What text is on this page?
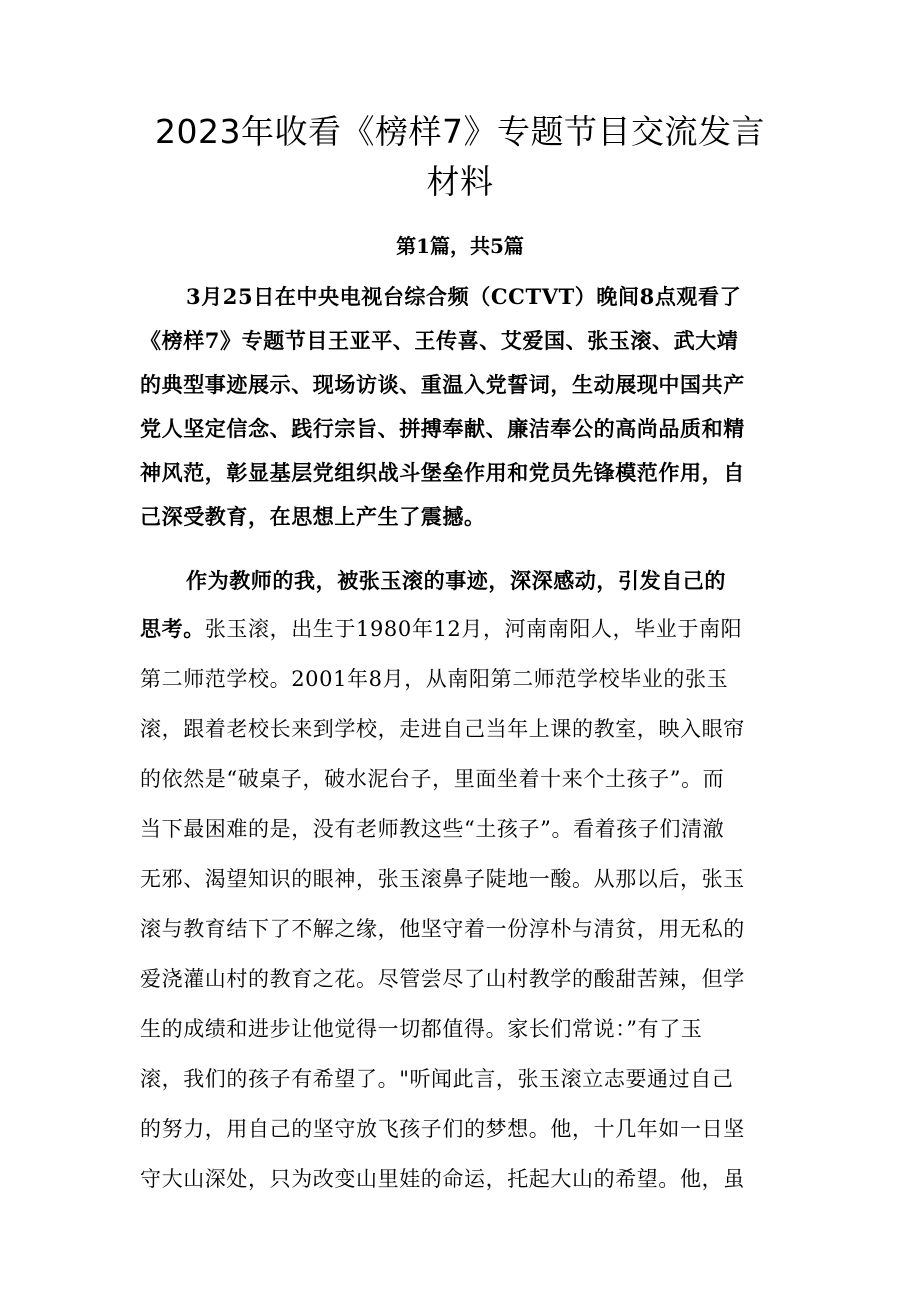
2023年收看《榜样7》专题节目交流发言
材料
第1篇，共5篇
3月25日在中央电视台综合频（CCTVT）晚间8点观看了
《榜样7》专题节目王亚平、王传喜、艾爱国、张玉滚、武大靖
的典型事迹展示、现场访谈、重温入党誓词，生动展现中国共产
党人坚定信念、践行宗旨、拼搏奉献、廉洁奉公的高尚品质和精
神风范，彰显基层党组织战斗堡垒作用和党员先锋模范作用，自
己深受教育，在思想上产生了震撼。
作为教师的我，被张玉滚的事迹，深深感动，引发自己的
思考。张玉滚，出生于1980年12月，河南南阳人，毕业于南阳
第二师范学校。2001年8月，从南阳第二师范学校毕业的张玉
滚，跟着老校长来到学校，走进自己当年上课的教室，映入眼帘
的依然是“破桌子，破水泥台子，里面坐着十来个土孩子”。而
当下最困难的是，没有老师教这些“土孩子”。看着孩子们清澈
无邪、渴望知识的眼神，张玉滚鼻子陡地一酸。从那以后，张玉
滚与教育结下了不解之缘，他坚守着一份淳朴与清贫，用无私的
爱浇灌山村的教育之花。尽管尝尽了山村教学的酸甜苦辣，但学
生的成绩和进步让他觉得一切都值得。家长们常说：”有了玉
滚，我们的孩子有希望了。"听闻此言，张玉滚立志要通过自己
的努力，用自己的坚守放飞孩子们的梦想。他，十几年如一日坚
守大山深处，只为改变山里娃的命运，托起大山的希望。他，虽
